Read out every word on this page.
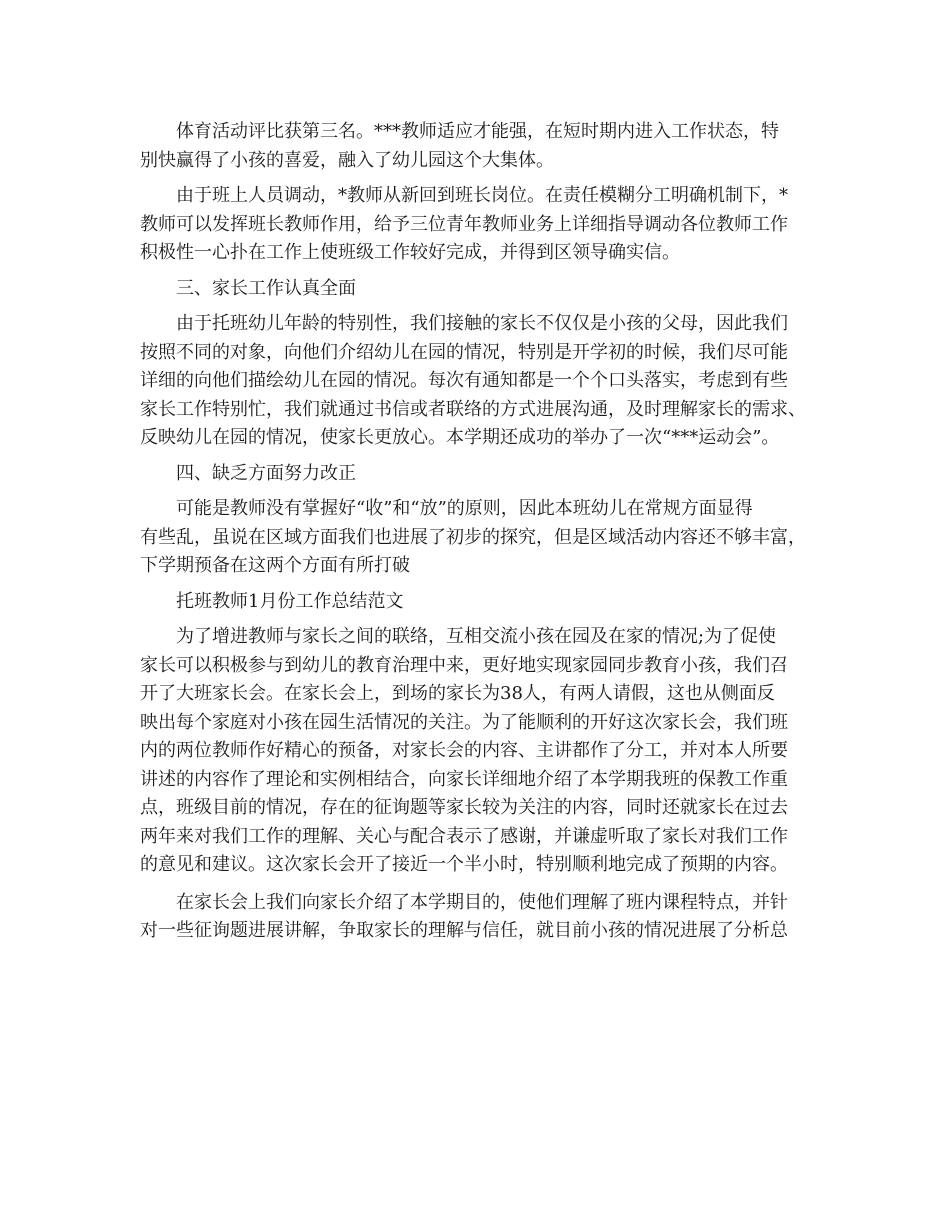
体育活动评比获第三名。***教师适应才能强，在短时期内进入工作状态，特
别快赢得了小孩的喜爱，融入了幼儿园这个大集体。

由于班上人员调动，*教师从新回到班长岗位。在责任模糊分工明确机制下，*
教师可以发挥班长教师作用，给予三位青年教师业务上详细指导调动各位教师工作
积极性一心扑在工作上使班级工作较好完成，并得到区领导确实信。

三、家长工作认真全面

由于托班幼儿年龄的特别性，我们接触的家长不仅仅是小孩的父母，因此我们
按照不同的对象，向他们介绍幼儿在园的情况，特别是开学初的时候，我们尽可能
详细的向他们描绘幼儿在园的情况。每次有通知都是一个个口头落实，考虑到有些
家长工作特别忙，我们就通过书信或者联络的方式进展沟通，及时理解家长的需求、
反映幼儿在园的情况，使家长更放心。本学期还成功的举办了一次“***运动会”。

四、缺乏方面努力改正

可能是教师没有掌握好“收”和“放”的原则，因此本班幼儿在常规方面显得
有些乱，虽说在区域方面我们也进展了初步的探究，但是区域活动内容还不够丰富，
下学期预备在这两个方面有所打破

托班教师1月份工作总结范文

为了增进教师与家长之间的联络，互相交流小孩在园及在家的情况;为了促使
家长可以积极参与到幼儿的教育治理中来，更好地实现家园同步教育小孩，我们召
开了大班家长会。在家长会上，到场的家长为38人，有两人请假，这也从侧面反
映出每个家庭对小孩在园生活情况的关注。为了能顺利的开好这次家长会，我们班
内的两位教师作好精心的预备，对家长会的内容、主讲都作了分工，并对本人所要
讲述的内容作了理论和实例相结合，向家长详细地介绍了本学期我班的保教工作重
点，班级目前的情况，存在的征询题等家长较为关注的内容，同时还就家长在过去
两年来对我们工作的理解、关心与配合表示了感谢，并谦虚听取了家长对我们工作
的意见和建议。这次家长会开了接近一个半小时，特别顺利地完成了预期的内容。

在家长会上我们向家长介绍了本学期目的，使他们理解了班内课程特点，并针
对一些征询题进展讲解，争取家长的理解与信任，就目前小孩的情况进展了分析总
